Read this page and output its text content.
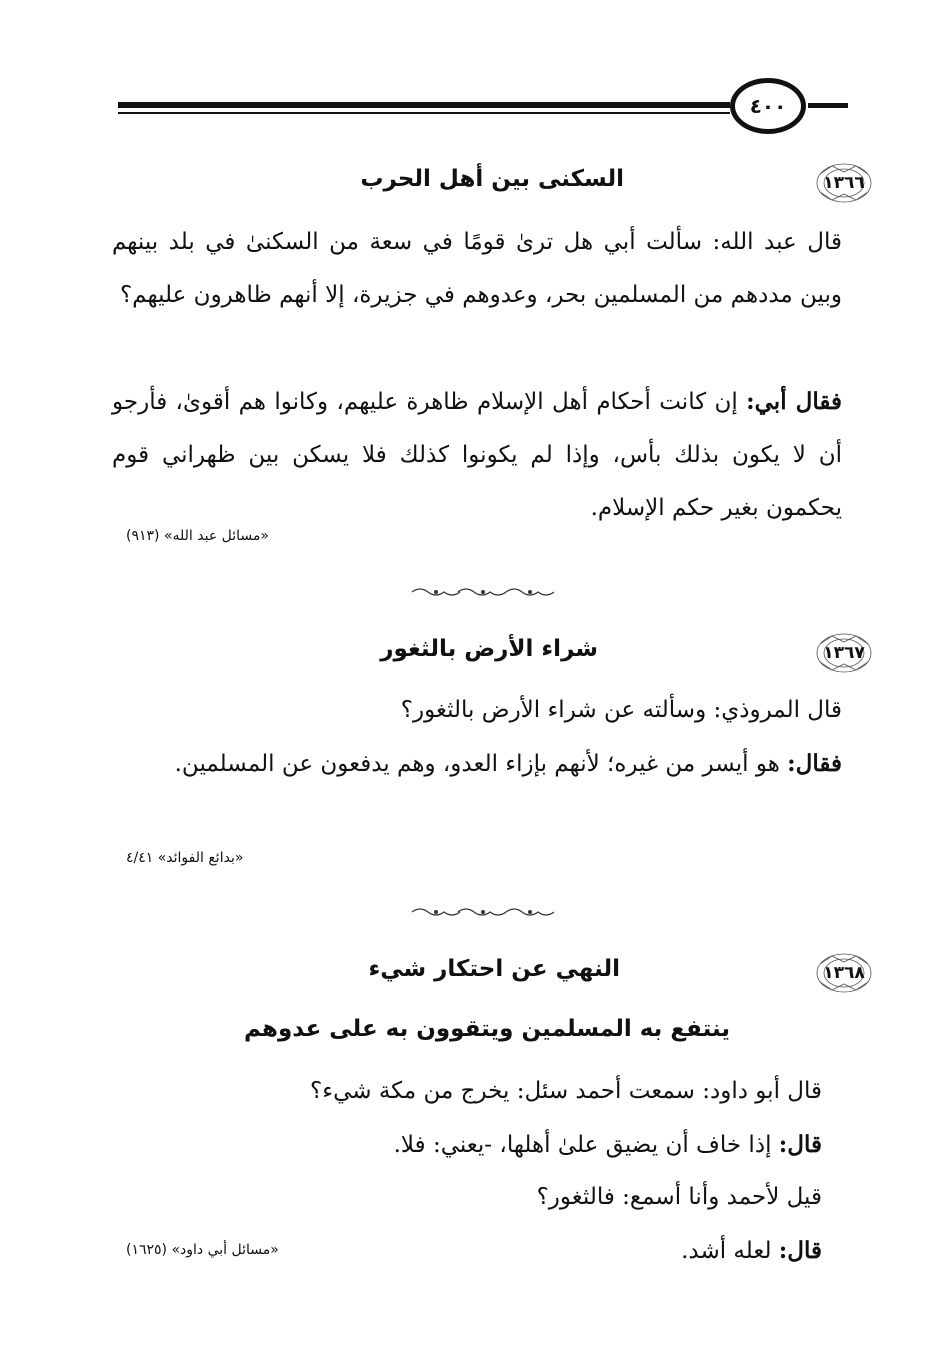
٤٠٠
١٣٦٦
السكنى بين أهل الحرب
قال عبد الله: سألت أبي هل ترىٰ قومًا في سعة من السكنىٰ في بلد بينهم وبين مددهم من المسلمين بحر، وعدوهم في جزيرة، إلا أنهم ظاهرون عليهم؟
فقال أبي: إن كانت أحكام أهل الإسلام ظاهرة عليهم، وكانوا هم أقوىٰ، فأرجو أن لا يكون بذلك بأس، وإذا لم يكونوا كذلك فلا يسكن بين ظهراني قوم يحكمون بغير حكم الإسلام.
«مسائل عبد الله» (٩١٣)
١٣٦٧
شراء الأرض بالثغور
قال المروذي: وسألته عن شراء الأرض بالثغور؟
فقال: هو أيسر من غيره؛ لأنهم بإزاء العدو، وهم يدفعون عن المسلمين.
«بدائع الفوائد» ٤/٤١
١٣٦٨
النهي عن احتكار شيء
ينتفع به المسلمين ويتقوون به على عدوهم
قال أبو داود: سمعت أحمد سئل: يخرج من مكة شيء؟
قال: إذا خاف أن يضيق علىٰ أهلها، -يعني: فلا.
قيل لأحمد وأنا أسمع: فالثغور؟
قال: لعله أشد.
«مسائل أبي داود» (١٦٢٥)
